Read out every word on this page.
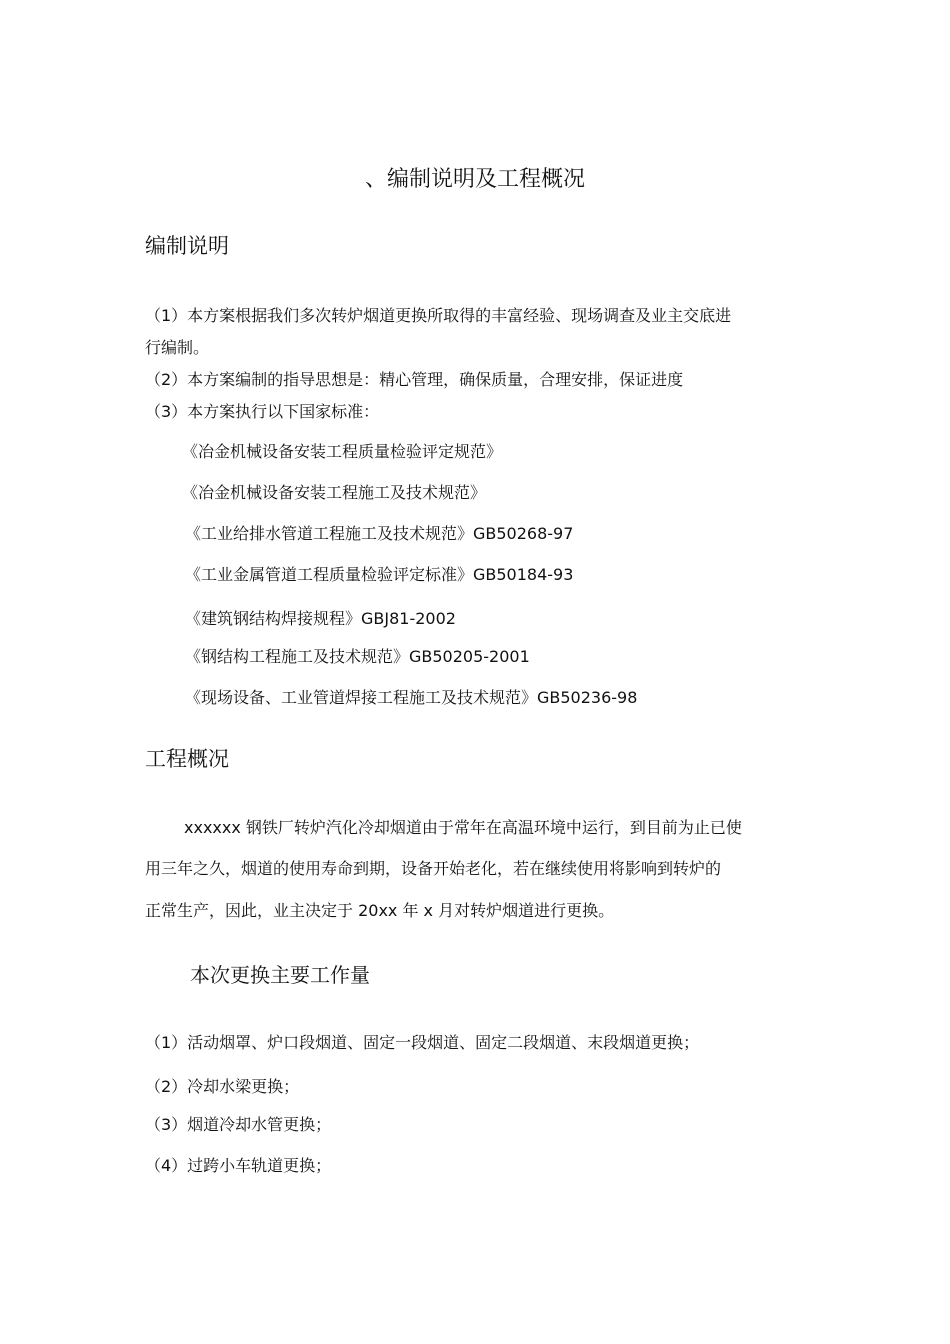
、编制说明及工程概况
编制说明
（1）本方案根据我们多次转炉烟道更换所取得的丰富经验、现场调查及业主交底进
行编制。
（2）本方案编制的指导思想是：精心管理，确保质量，合理安排，保证进度
（3）本方案执行以下国家标准：
《冶金机械设备安装工程质量检验评定规范》
《冶金机械设备安装工程施工及技术规范》
《工业给排水管道工程施工及技术规范》GB50268-97
《工业金属管道工程质量检验评定标准》GB50184-93
《建筑钢结构焊接规程》GBJ81-2002
《钢结构工程施工及技术规范》GB50205-2001
《现场设备、工业管道焊接工程施工及技术规范》GB50236-98
工程概况
xxxxxx 钢铁厂转炉汽化冷却烟道由于常年在高温环境中运行，到目前为止已使
用三年之久，烟道的使用寿命到期，设备开始老化，若在继续使用将影响到转炉的
正常生产，因此，业主决定于 20xx 年 x 月对转炉烟道进行更换。
本次更换主要工作量
（1）活动烟罩、炉口段烟道、固定一段烟道、固定二段烟道、末段烟道更换；
（2）冷却水梁更换；
（3）烟道冷却水管更换；
（4）过跨小车轨道更换；
